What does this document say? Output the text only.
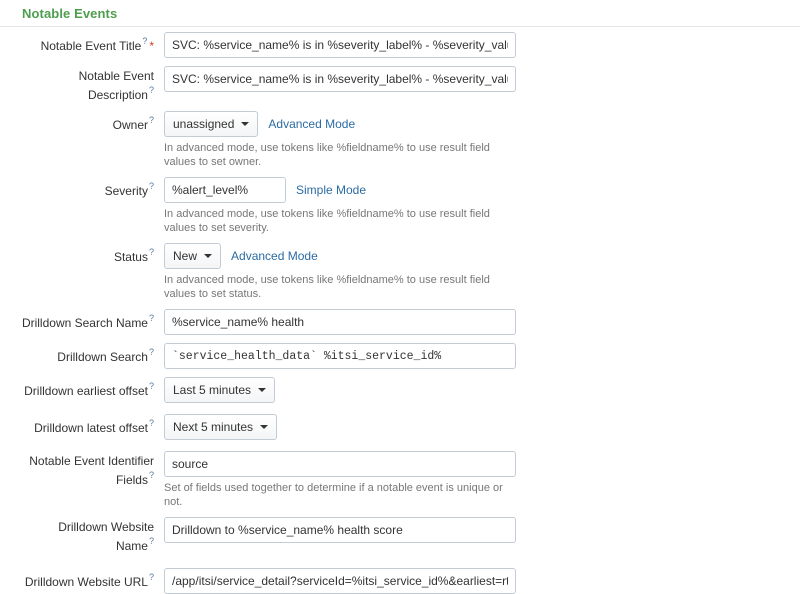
Notable Events
Notable Event Title? *
SVC: %service_name% is in %severity_label% - %severity_value%
Notable Event
Description?
SVC: %service_name% is in %severity_label% - %severity_value%
Owner?	unassigned	Advanced Mode
In advanced mode, use tokens like %fieldname% to use result field values to set owner.
Severity?
%alert_level%	Simple Mode
In advanced mode, use tokens like %fieldname% to use result field values to set severity.
Status?	New	Advanced Mode
In advanced mode, use tokens like %fieldname% to use result field values to set status.
Drilldown Search Name?
%service_name% health
Drilldown Search?
`service_health_data` %itsi_service_id%
Drilldown earliest offset?	Last 5 minutes
Drilldown latest offset?	Next 5 minutes
Notable Event Identifier
Fields?
source
Set of fields used together to determine if a notable event is unique or not.
Drilldown Website
Name?
Drilldown to %service_name% health score
Drilldown Website URL?
/app/itsi/service_detail?serviceId=%itsi_service_id%&earliest=rt-24
